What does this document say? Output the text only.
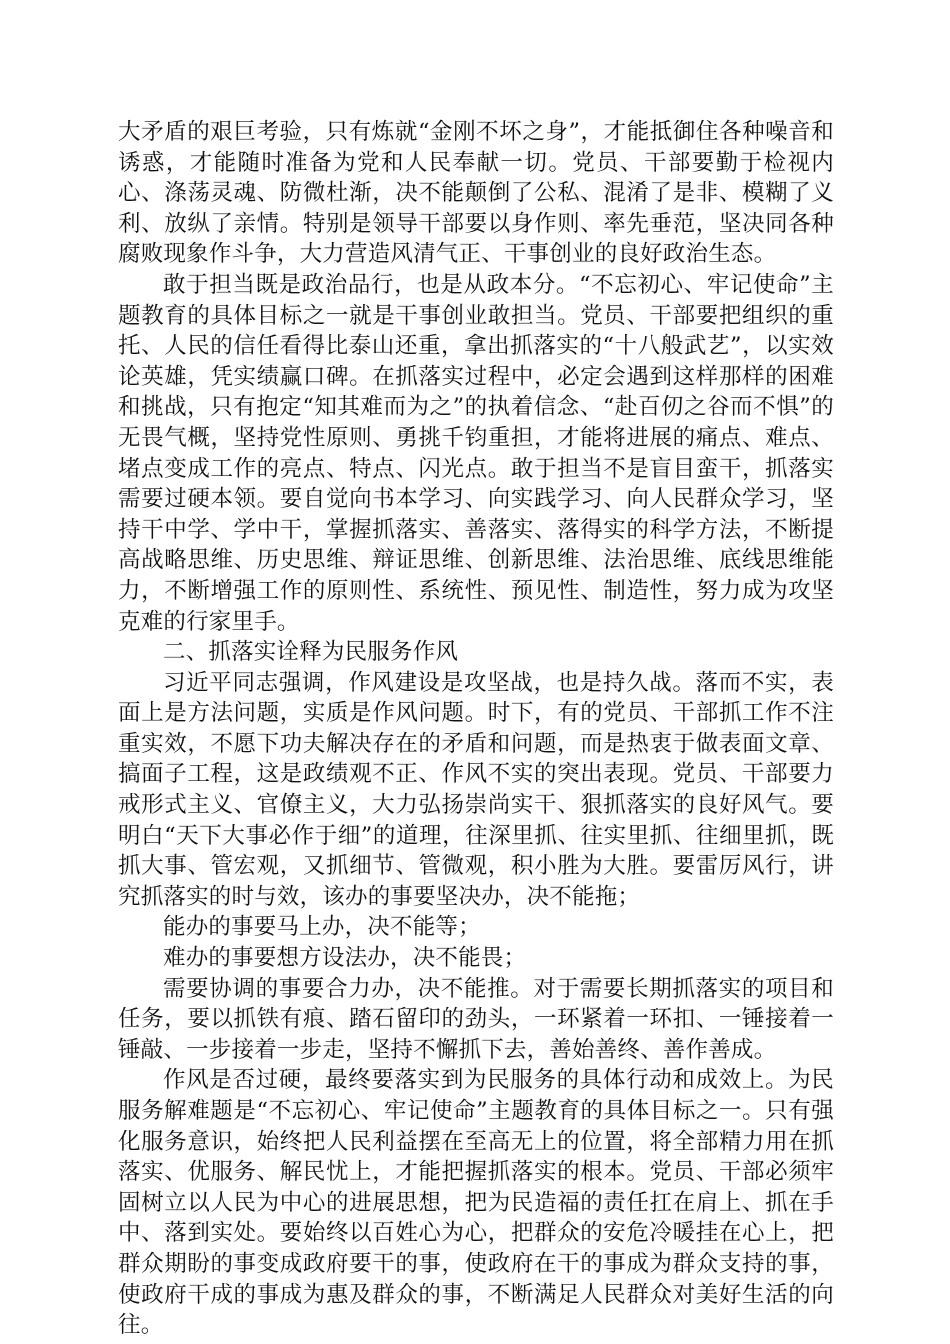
大矛盾的艰巨考验，只有炼就“金刚不坏之身”，才能抵御住各种噪音和诱惑，才能随时准备为党和人民奉献一切。党员、干部要勤于检视内心、涤荡灵魂、防微杜渐，决不能颠倒了公私、混淆了是非、模糊了义利、放纵了亲情。特别是领导干部要以身作则、率先垂范，坚决同各种腐败现象作斗争，大力营造风清气正、干事创业的良好政治生态。

敢于担当既是政治品行，也是从政本分。“不忘初心、牢记使命”主题教育的具体目标之一就是干事创业敢担当。党员、干部要把组织的重托、人民的信任看得比泰山还重，拿出抓落实的“十八般武艺”，以实效论英雄，凭实绩赢口碑。在抓落实过程中，必定会遇到这样那样的困难和挑战，只有抱定“知其难而为之”的执着信念、“赴百仞之谷而不惧”的无畏气概，坚持党性原则、勇挑千钧重担，才能将进展的痛点、难点、堵点变成工作的亮点、特点、闪光点。敢于担当不是盲目蛮干，抓落实需要过硬本领。要自觉向书本学习、向实践学习、向人民群众学习，坚持干中学、学中干，掌握抓落实、善落实、落得实的科学方法，不断提高战略思维、历史思维、辩证思维、创新思维、法治思维、底线思维能力，不断增强工作的原则性、系统性、预见性、制造性，努力成为攻坚克难的行家里手。

二、抓落实诠释为民服务作风

习近平同志强调，作风建设是攻坚战，也是持久战。落而不实，表面上是方法问题，实质是作风问题。时下，有的党员、干部抓工作不注重实效，不愿下功夫解决存在的矛盾和问题，而是热衷于做表面文章、搞面子工程，这是政绩观不正、作风不实的突出表现。党员、干部要力戒形式主义、官僚主义，大力弘扬崇尚实干、狠抓落实的良好风气。要明白“天下大事必作于细”的道理，往深里抓、往实里抓、往细里抓，既抓大事、管宏观，又抓细节、管微观，积小胜为大胜。要雷厉风行，讲究抓落实的时与效，该办的事要坚决办，决不能拖；

能办的事要马上办，决不能等；

难办的事要想方设法办，决不能畏；

需要协调的事要合力办，决不能推。对于需要长期抓落实的项目和任务，要以抓铁有痕、踏石留印的劲头，一环紧着一环扣、一锤接着一锤敲、一步接着一步走，坚持不懈抓下去，善始善终、善作善成。

作风是否过硬，最终要落实到为民服务的具体行动和成效上。为民服务解难题是“不忘初心、牢记使命”主题教育的具体目标之一。只有强化服务意识，始终把人民利益摆在至高无上的位置，将全部精力用在抓落实、优服务、解民忧上，才能把握抓落实的根本。党员、干部必须牢固树立以人民为中心的进展思想，把为民造福的责任扛在肩上、抓在手中、落到实处。要始终以百姓心为心，把群众的安危冷暖挂在心上，把群众期盼的事变成政府要干的事，使政府在干的事成为群众支持的事，使政府干成的事成为惠及群众的事，不断满足人民群众对美好生活的向往。
